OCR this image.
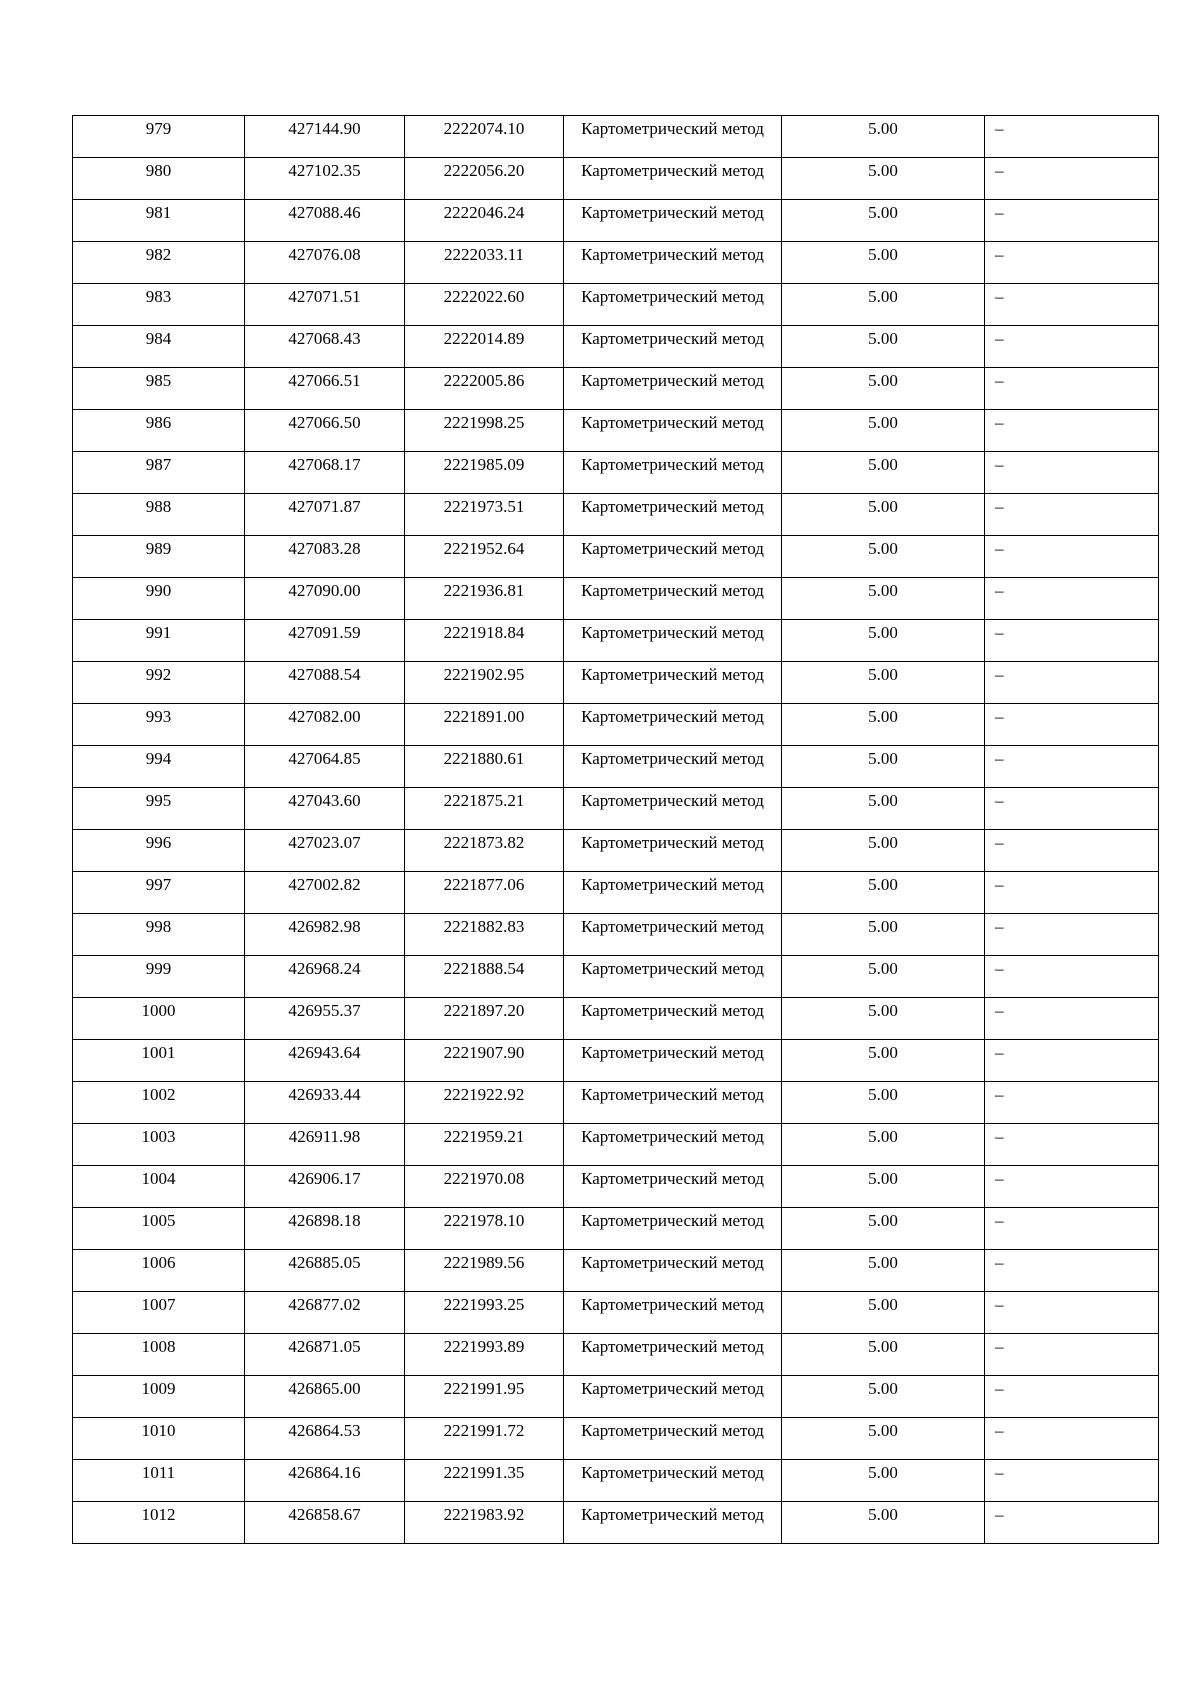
979	427144.90	2222074.10	Картометрический метод	5.00	–
980	427102.35	2222056.20	Картометрический метод	5.00	–
981	427088.46	2222046.24	Картометрический метод	5.00	–
982	427076.08	2222033.11	Картометрический метод	5.00	–
983	427071.51	2222022.60	Картометрический метод	5.00	–
984	427068.43	2222014.89	Картометрический метод	5.00	–
985	427066.51	2222005.86	Картометрический метод	5.00	–
986	427066.50	2221998.25	Картометрический метод	5.00	–
987	427068.17	2221985.09	Картометрический метод	5.00	–
988	427071.87	2221973.51	Картометрический метод	5.00	–
989	427083.28	2221952.64	Картометрический метод	5.00	–
990	427090.00	2221936.81	Картометрический метод	5.00	–
991	427091.59	2221918.84	Картометрический метод	5.00	–
992	427088.54	2221902.95	Картометрический метод	5.00	–
993	427082.00	2221891.00	Картометрический метод	5.00	–
994	427064.85	2221880.61	Картометрический метод	5.00	–
995	427043.60	2221875.21	Картометрический метод	5.00	–
996	427023.07	2221873.82	Картометрический метод	5.00	–
997	427002.82	2221877.06	Картометрический метод	5.00	–
998	426982.98	2221882.83	Картометрический метод	5.00	–
999	426968.24	2221888.54	Картометрический метод	5.00	–
1000	426955.37	2221897.20	Картометрический метод	5.00	–
1001	426943.64	2221907.90	Картометрический метод	5.00	–
1002	426933.44	2221922.92	Картометрический метод	5.00	–
1003	426911.98	2221959.21	Картометрический метод	5.00	–
1004	426906.17	2221970.08	Картометрический метод	5.00	–
1005	426898.18	2221978.10	Картометрический метод	5.00	–
1006	426885.05	2221989.56	Картометрический метод	5.00	–
1007	426877.02	2221993.25	Картометрический метод	5.00	–
1008	426871.05	2221993.89	Картометрический метод	5.00	–
1009	426865.00	2221991.95	Картометрический метод	5.00	–
1010	426864.53	2221991.72	Картометрический метод	5.00	–
1011	426864.16	2221991.35	Картометрический метод	5.00	–
1012	426858.67	2221983.92	Картометрический метод	5.00	–
